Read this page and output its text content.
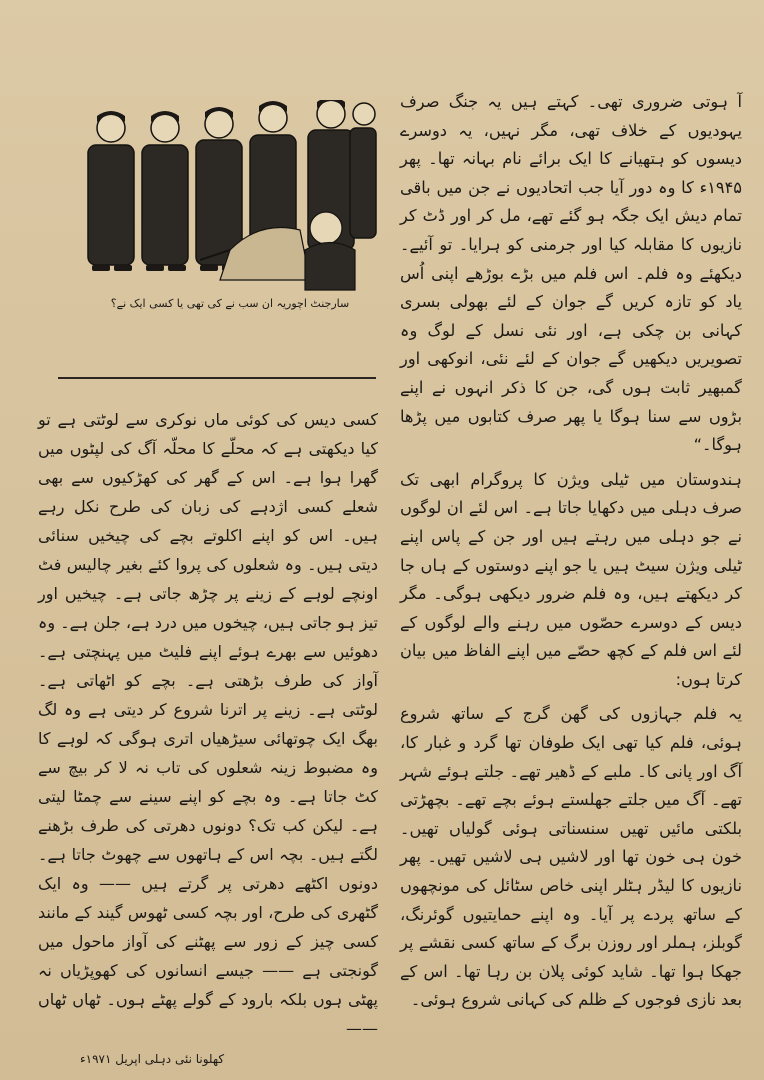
سارجنٹ اچوریہ ان سب نے کی تھی یا کسی ایک نے؟

آ ہوتی ضروری تھی۔ کہتے ہیں یہ جنگ صرف یہودیوں کے خلاف تھی، مگر نہیں، یہ دوسرے دیسوں کو ہتھیانے کا ایک برائے نام بہانہ تھا۔ پھر ۱۹۴۵ء کا وہ دور آیا جب اتحادیوں نے جن میں باقی تمام دیش ایک جگہ ہو گئے تھے، مل کر اور ڈٹ کر نازیوں کا مقابلہ کیا اور جرمنی کو ہرایا۔ تو آئیے۔ دیکھئے وہ فلم۔ اس فلم میں بڑے بوڑھے اپنی اُس یاد کو تازہ کریں گے جوان کے لئے بھولی بسری کہانی بن چکی ہے، اور نئی نسل کے لوگ وہ تصویریں دیکھیں گے جوان کے لئے نئی، انوکھی اور گمبھیر ثابت ہوں گی، جن کا ذکر انہوں نے اپنے بڑوں سے سنا ہوگا یا پھر صرف کتابوں میں پڑھا ہوگا۔“

ہندوستان میں ٹیلی ویژن کا پروگرام ابھی تک صرف دہلی میں دکھایا جاتا ہے۔ اس لئے ان لوگوں نے جو دہلی میں رہتے ہیں اور جن کے پاس اپنے ٹیلی ویژن سیٹ ہیں یا جو اپنے دوستوں کے ہاں جا کر دیکھتے ہیں، وہ فلم ضرور دیکھی ہوگی۔ مگر دیس کے دوسرے حصّوں میں رہنے والے لوگوں کے لئے اس فلم کے کچھ حصّے میں اپنے الفاظ میں بیان کرتا ہوں:

یہ فلم جہازوں کی گھن گرج کے ساتھ شروع ہوئی، فلم کیا تھی ایک طوفان تھا گرد و غبار کا، آگ اور پانی کا۔ ملبے کے ڈھیر تھے۔ جلتے ہوئے شہر تھے۔ آگ میں جلتے جھلستے ہوئے بچے تھے۔ بچھڑتی بلکتی مائیں تھیں سنسناتی ہوئی گولیاں تھیں۔ خون ہی خون تھا اور لاشیں ہی لاشیں تھیں۔ پھر نازیوں کا لیڈر ہٹلر اپنی خاص سٹائل کی مونچھوں کے ساتھ پردے پر آیا۔ وہ اپنے حمایتیوں گوئرنگ، گوبلز، ہملر اور روزن برگ کے ساتھ کسی نقشے پر جھکا ہوا تھا۔ شاید کوئی پلان بن رہا تھا۔ اس کے بعد نازی فوجوں کے ظلم کی کہانی شروع ہوئی۔

کسی دیس کی کوئی ماں نوکری سے لوٹتی ہے تو کیا دیکھتی ہے کہ محلّے کا محلّہ آگ کی لپٹوں میں گھرا ہوا ہے۔ اس کے گھر کی کھڑکیوں سے بھی شعلے کسی اژدہے کی زبان کی طرح نکل رہے ہیں۔ اس کو اپنے اکلوتے بچے کی چیخیں سنائی دیتی ہیں۔ وہ شعلوں کی پروا کئے بغیر چالیس فٹ اونچے لوہے کے زینے پر چڑھ جاتی ہے۔ چیخیں اور تیز ہو جاتی ہیں، چیخوں میں درد ہے، جلن ہے۔ وہ دھوئیں سے بھرے ہوئے اپنے فلیٹ میں پہنچتی ہے۔ آواز کی طرف بڑھتی ہے۔ بچے کو اٹھاتی ہے۔ لوٹتی ہے۔ زینے پر اترنا شروع کر دیتی ہے وہ لگ بھگ ایک چوتھائی سیڑھیاں اتری ہوگی کہ لوہے کا وہ مضبوط زینہ شعلوں کی تاب نہ لا کر بیچ سے کٹ جاتا ہے۔ وہ بچے کو اپنے سینے سے چمٹا لیتی ہے۔ لیکن کب تک؟ دونوں دھرتی کی طرف بڑھنے لگتے ہیں۔ بچہ اس کے ہاتھوں سے چھوٹ جاتا ہے۔ دونوں اکٹھے دھرتی پر گرتے ہیں —— وہ ایک گٹھری کی طرح، اور بچہ کسی ٹھوس گیند کے مانند کسی چیز کے زور سے پھٹنے کی آواز ماحول میں گونجتی ہے —— جیسے انسانوں کی کھوپڑیاں نہ پھٹی ہوں بلکہ بارود کے گولے پھٹے ہوں۔ ٹھاں ٹھاں ——

کھلونا نئی دہلی اپریل ۱۹۷۱ء
